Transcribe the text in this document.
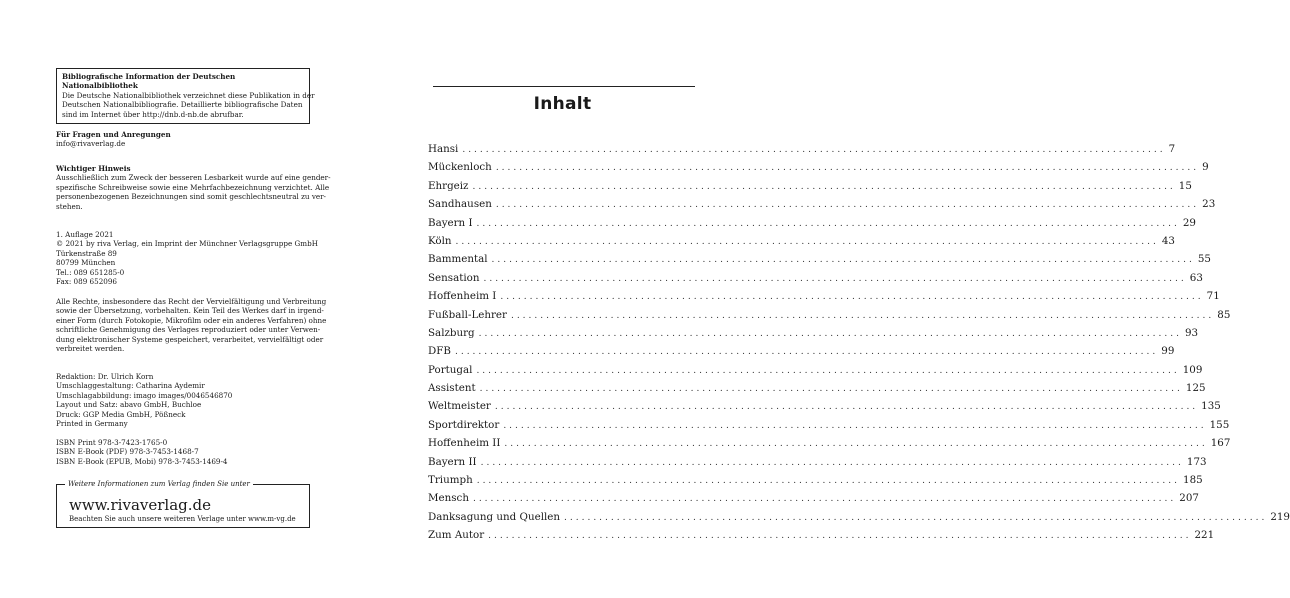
Bibliografische Information der Deutschen Nationalbibliothek
Die Deutsche Nationalbibliothek verzeichnet diese Publikation in der
Deutschen Nationalbibliografie. Detaillierte bibliografische Daten
sind im Internet über http://dnb.d-nb.de abrufbar.
Für Fragen und Anregungen
info@rivaverlag.de
Wichtiger Hinweis
Ausschließlich zum Zweck der besseren Lesbarkeit wurde auf eine gender-
spezifische Schreibweise sowie eine Mehrfachbezeichnung verzichtet. Alle
personenbezogenen Bezeichnungen sind somit geschlechtsneutral zu ver-
stehen.
1. Auflage 2021
© 2021 by riva Verlag, ein Imprint der Münchner Verlagsgruppe GmbH
Türkenstraße 89
80799 München
Tel.: 089 651285-0
Fax: 089 652096
Alle Rechte, insbesondere das Recht der Vervielfältigung und Verbreitung
sowie der Übersetzung, vorbehalten. Kein Teil des Werkes darf in irgend-
einer Form (durch Fotokopie, Mikrofilm oder ein anderes Verfahren) ohne
schriftliche Genehmigung des Verlages reproduziert oder unter Verwen-
dung elektronischer Systeme gespeichert, verarbeitet, vervielfältigt oder
verbreitet werden.
Redaktion: Dr. Ulrich Korn
Umschlaggestaltung: Catharina Aydemir
Umschlagabbildung: imago images/0046546870
Layout und Satz: abavo GmbH, Buchloe
Druck: GGP Media GmbH, Pößneck
Printed in Germany
ISBN Print 978-3-7423-1765-0
ISBN E-Book (PDF) 978-3-7453-1468-7
ISBN E-Book (EPUB, Mobi) 978-3-7453-1469-4
Weitere Informationen zum Verlag finden Sie unter
www.rivaverlag.de
Beachten Sie auch unsere weiteren Verlage unter www.m-vg.de
Inhalt
Hansi ........................................................................................................................ 7
Mückenloch ........................................................................................................................ 9
Ehrgeiz ........................................................................................................................ 15
Sandhausen ........................................................................................................................ 23
Bayern I ........................................................................................................................ 29
Köln ........................................................................................................................ 43
Bammental ........................................................................................................................ 55
Sensation ........................................................................................................................ 63
Hoffenheim I ........................................................................................................................ 71
Fußball-Lehrer ........................................................................................................................ 85
Salzburg ........................................................................................................................ 93
DFB ........................................................................................................................ 99
Portugal ........................................................................................................................ 109
Assistent ........................................................................................................................ 125
Weltmeister ........................................................................................................................ 135
Sportdirektor ........................................................................................................................ 155
Hoffenheim II ........................................................................................................................ 167
Bayern II ........................................................................................................................ 173
Triumph ........................................................................................................................ 185
Mensch ........................................................................................................................ 207
Danksagung und Quellen ........................................................................................................................ 219
Zum Autor ........................................................................................................................ 221
